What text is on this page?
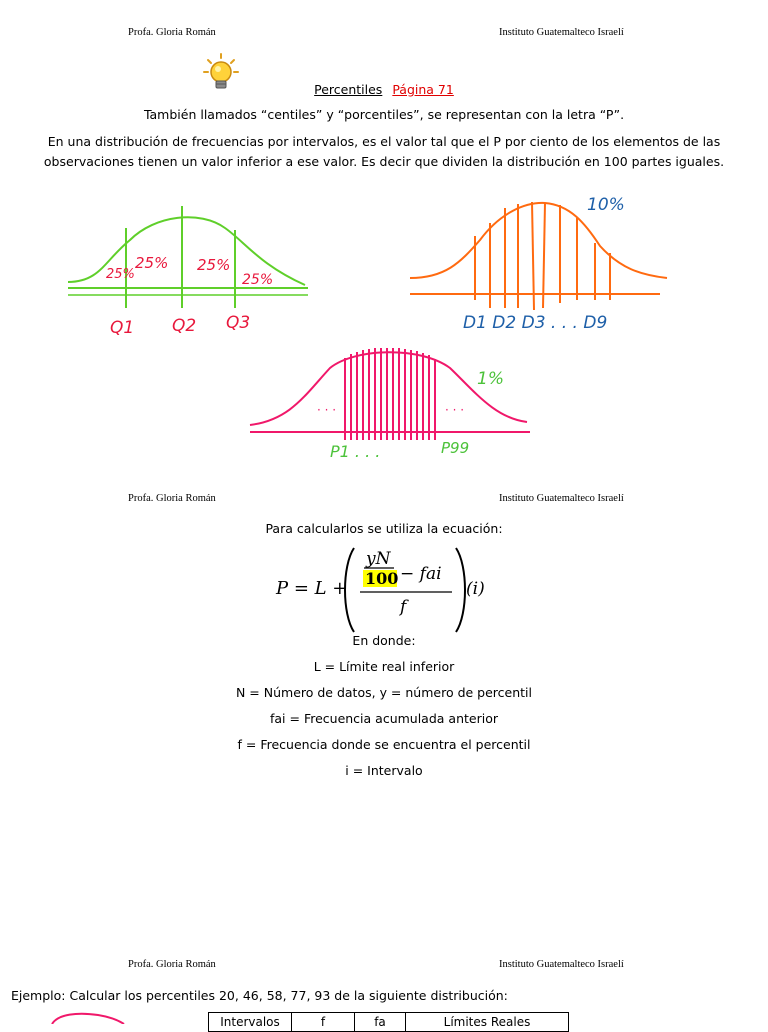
Profa. Gloria Román	Instituto Guatemalteco Israelí
Percentiles Página 71
También llamados “centiles” y “porcentiles”, se representan con la letra “P”.
En una distribución de frecuencias por intervalos, es el valor tal que el P por ciento de los elementos de las observaciones tienen un valor inferior a ese valor. Es decir que dividen la distribución en 100 partes iguales.
25%
25% 25%
25%
Q1 Q2 Q3
10%
D1 D2 D3 . . . D9
· · ·	· · ·
1%
P1 . . .	P99
Profa. Gloria Román	Instituto Guatemalteco Israelí
Para calcularlos se utiliza la ecuación:
P = L +
yN
100 − fai
f
(i)
En donde:
L = Límite real inferior
N = Número de datos, y = número de percentil
fai = Frecuencia acumulada anterior
f = Frecuencia donde se encuentra el percentil
i = Intervalo
Profa. Gloria Román	Instituto Guatemalteco Israelí
Ejemplo: Calcular los percentiles 20, 46, 58, 77, 93 de la siguiente distribución:
Intervalos	f	fa	Límites Reales
